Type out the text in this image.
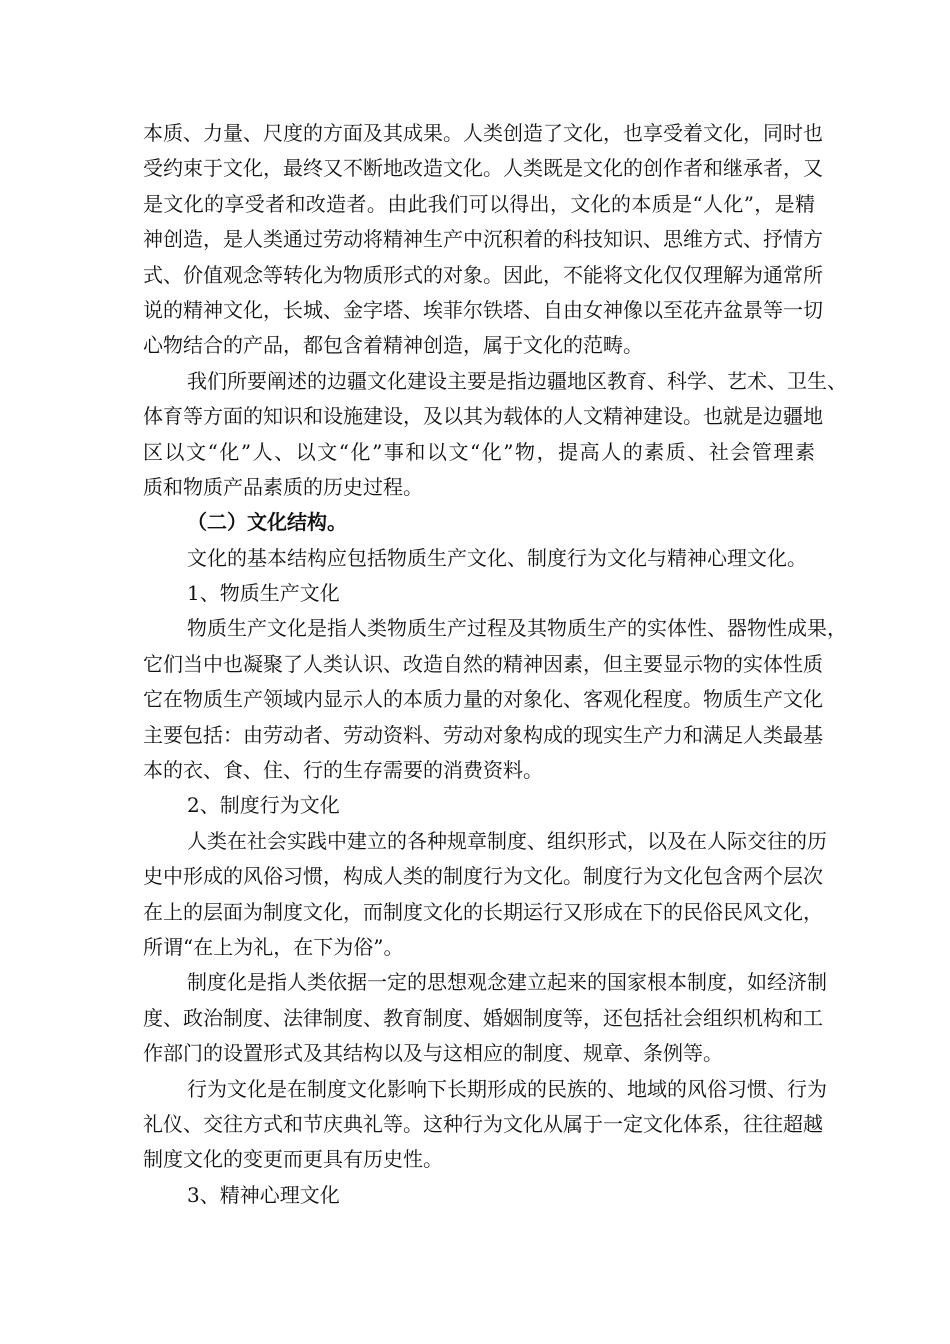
本质、力量、尺度的方面及其成果。人类创造了文化，也享受着文化，同时也
受约束于文化，最终又不断地改造文化。人类既是文化的创作者和继承者，又
是文化的享受者和改造者。由此我们可以得出，文化的本质是“人化”，是精
神创造，是人类通过劳动将精神生产中沉积着的科技知识、思维方式、抒情方
式、价值观念等转化为物质形式的对象。因此，不能将文化仅仅理解为通常所
说的精神文化，长城、金字塔、埃菲尔铁塔、自由女神像以至花卉盆景等一切
心物结合的产品，都包含着精神创造，属于文化的范畴。
我们所要阐述的边疆文化建设主要是指边疆地区教育、科学、艺术、卫生、
体育等方面的知识和设施建设，及以其为载体的人文精神建设。也就是边疆地
区以文“化”人、以文“化”事和以文“化”物，提高人的素质、社会管理素
质和物质产品素质的历史过程。
（二）文化结构。
文化的基本结构应包括物质生产文化、制度行为文化与精神心理文化。
1、物质生产文化
物质生产文化是指人类物质生产过程及其物质生产的实体性、器物性成果，
它们当中也凝聚了人类认识、改造自然的精神因素，但主要显示物的实体性质
它在物质生产领域内显示人的本质力量的对象化、客观化程度。物质生产文化
主要包括：由劳动者、劳动资料、劳动对象构成的现实生产力和满足人类最基
本的衣、食、住、行的生存需要的消费资料。
2、制度行为文化
人类在社会实践中建立的各种规章制度、组织形式，以及在人际交往的历
史中形成的风俗习惯，构成人类的制度行为文化。制度行为文化包含两个层次
在上的层面为制度文化，而制度文化的长期运行又形成在下的民俗民风文化，
所谓“在上为礼，在下为俗”。
制度化是指人类依据一定的思想观念建立起来的国家根本制度，如经济制
度、政治制度、法律制度、教育制度、婚姻制度等，还包括社会组织机构和工
作部门的设置形式及其结构以及与这相应的制度、规章、条例等。
行为文化是在制度文化影响下长期形成的民族的、地域的风俗习惯、行为
礼仪、交往方式和节庆典礼等。这种行为文化从属于一定文化体系，往往超越
制度文化的变更而更具有历史性。
3、精神心理文化
